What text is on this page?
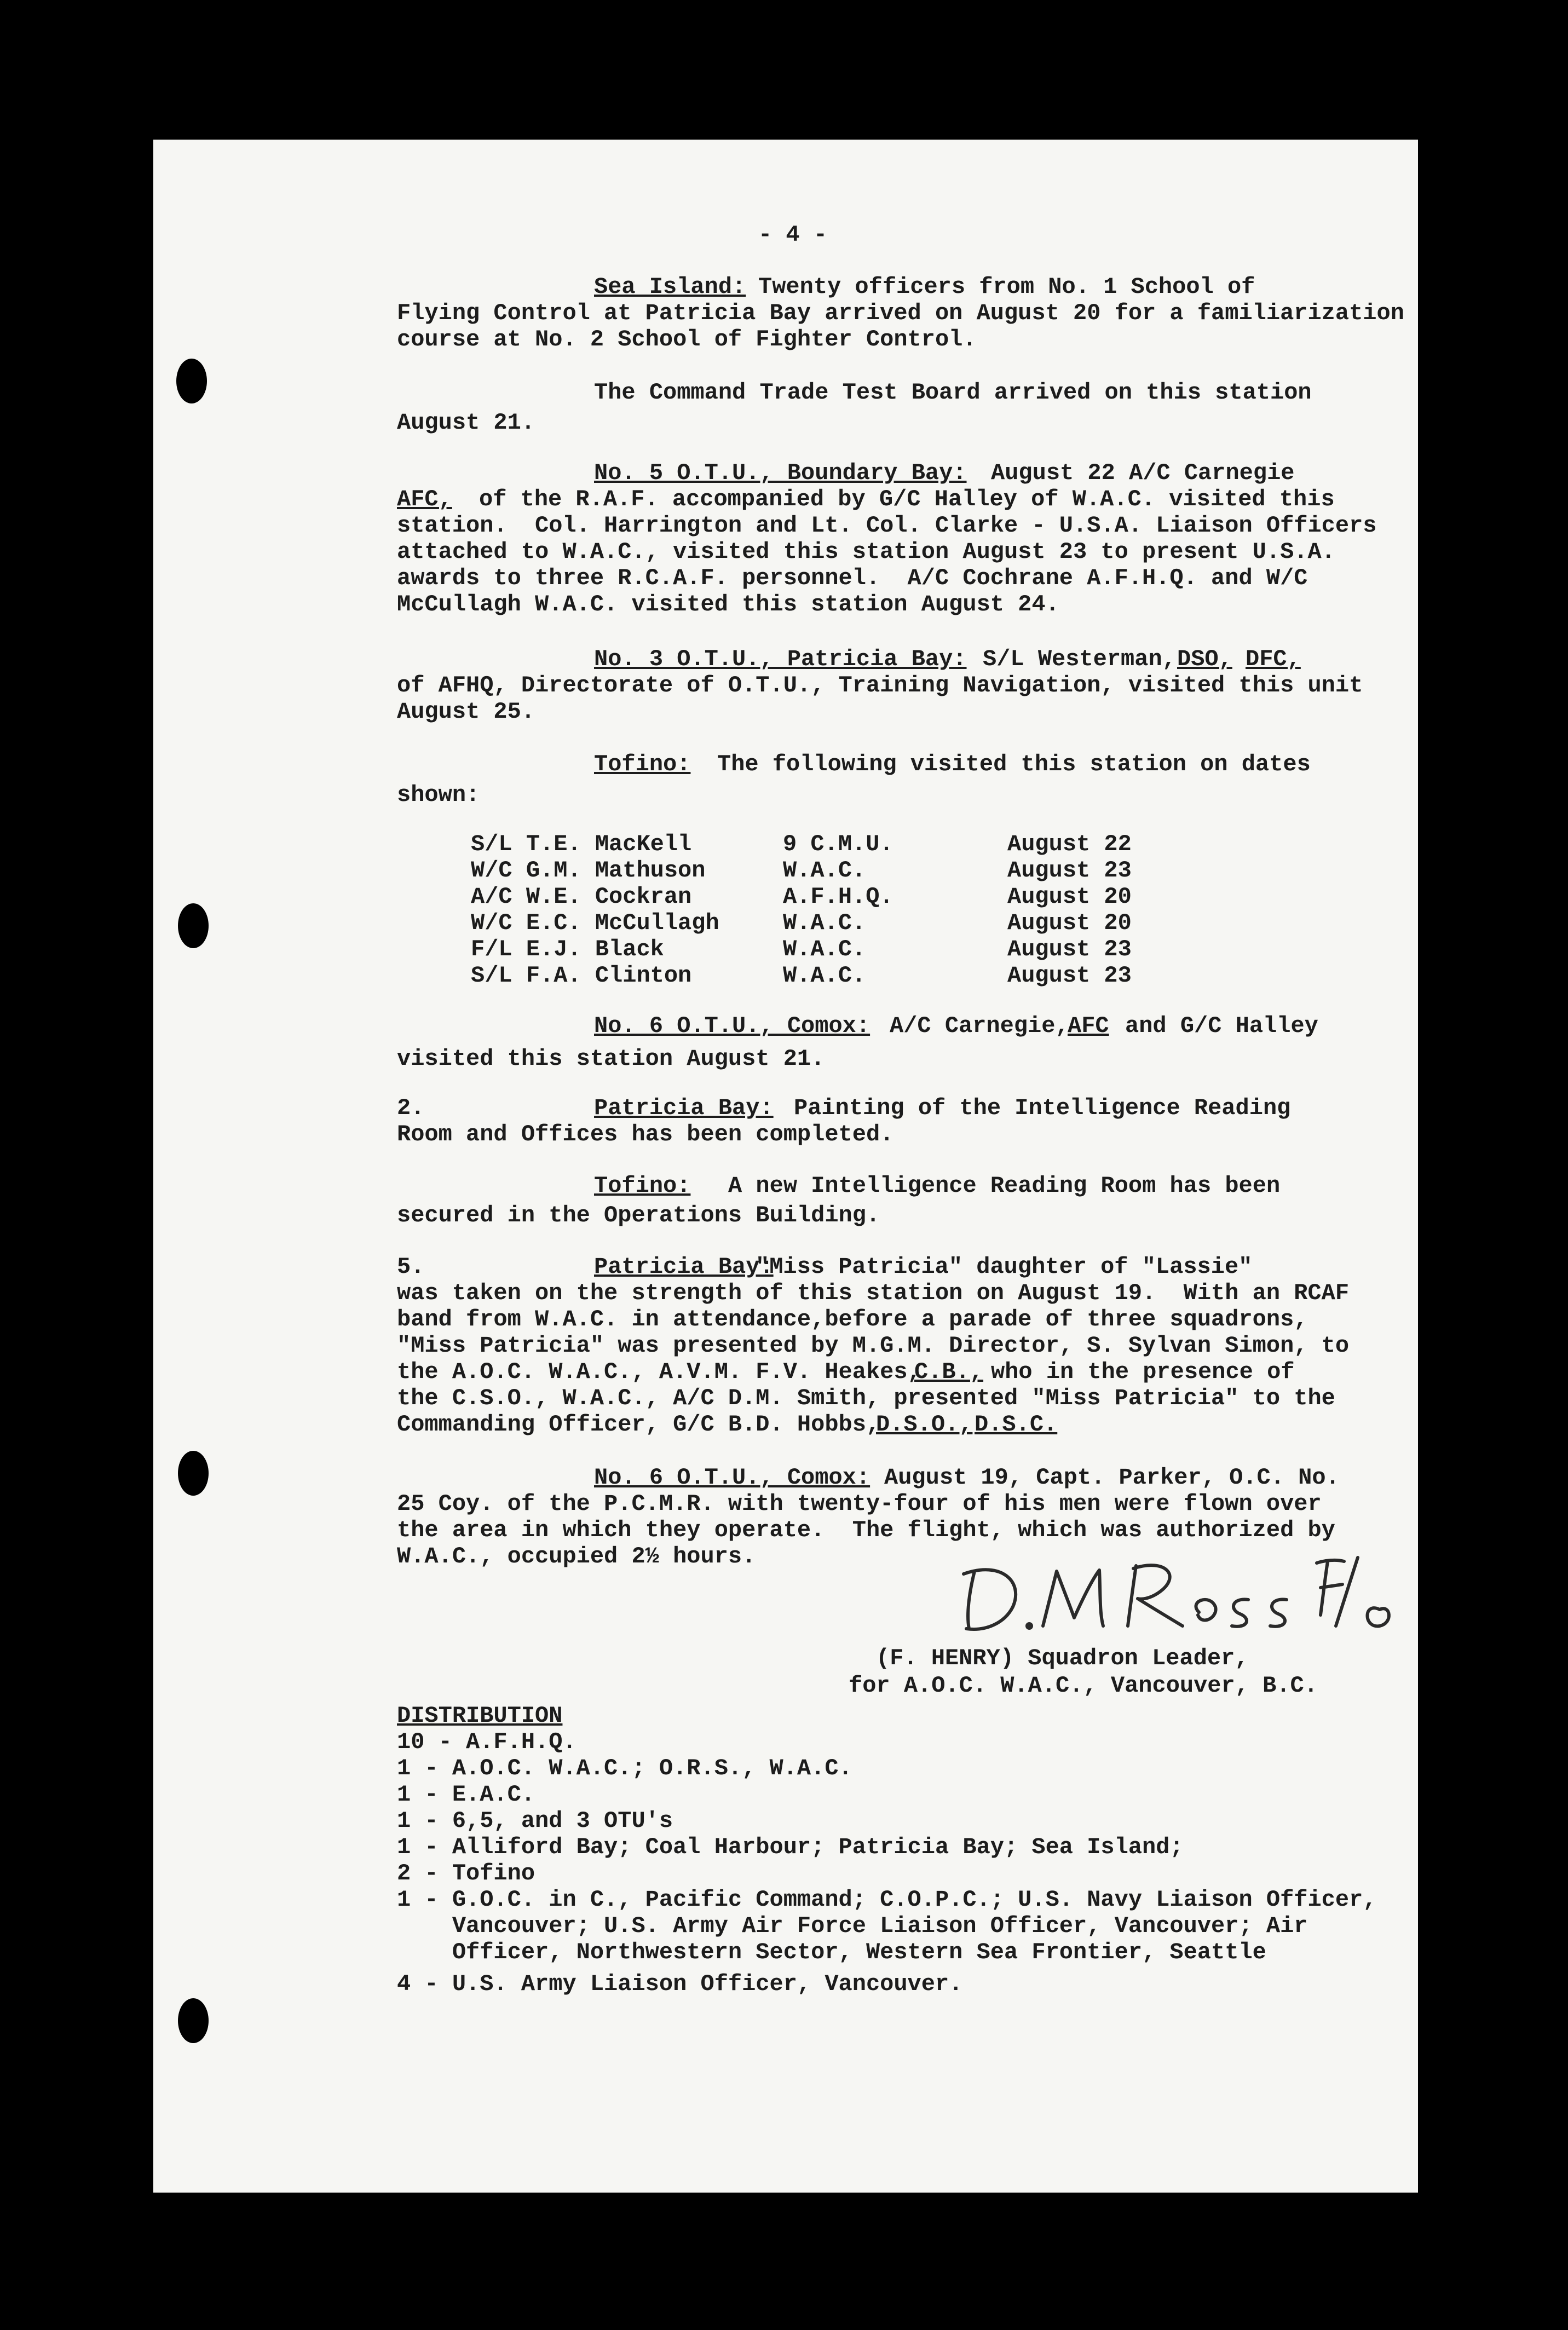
- 4 -
Sea Island: Twenty officers from No. 1 School of
Flying Control at Patricia Bay arrived on August 20 for a familiarization
course at No. 2 School of Fighter Control.
The Command Trade Test Board arrived on this station
August 21.
No. 5 O.T.U., Boundary Bay: August 22 A/C Carnegie
AFC, of the R.A.F. accompanied by G/C Halley of W.A.C. visited this
station.  Col. Harrington and Lt. Col. Clarke - U.S.A. Liaison Officers
attached to W.A.C., visited this station August 23 to present U.S.A.
awards to three R.C.A.F. personnel.  A/C Cochrane A.F.H.Q. and W/C
McCullagh W.A.C. visited this station August 24.
No. 3 O.T.U., Patricia Bay: S/L Westerman, DSO, DFC,
of AFHQ, Directorate of O.T.U., Training Navigation, visited this unit
August 25.
Tofino: The following visited this station on dates
shown:
S/L T.E. MacKell	9 C.M.U.	August 22
W/C G.M. Mathuson	W.A.C.	August 23
A/C W.E. Cockran	A.F.H.Q.	August 20
W/C E.C. McCullagh	W.A.C.	August 20
F/L E.J. Black	W.A.C.	August 23
S/L F.A. Clinton	W.A.C.	August 23
No. 6 O.T.U., Comox: A/C Carnegie,
AFC and G/C Halley
visited this station August 21.
2.	Patricia Bay: Painting of the Intelligence Reading
Room and Offices has been completed.
Tofino: A new Intelligence Reading Room has been
secured in the Operations Building.
5.	Patricia Bay:
"Miss Patricia" daughter of "Lassie"
was taken on the strength of this station on August 19.  With an RCAF
band from W.A.C. in attendance,before a parade of three squadrons,
"Miss Patricia" was presented by M.G.M. Director, S. Sylvan Simon, to
the A.O.C. W.A.C., A.V.M. F.V. Heakes,
C.B., who in the presence of
the C.S.O., W.A.C., A/C D.M. Smith, presented "Miss Patricia" to the
Commanding Officer, G/C B.D. Hobbs,
D.S.O., D.S.C.
No. 6 O.T.U., Comox: August 19, Capt. Parker, O.C. No.
25 Coy. of the P.C.M.R. with twenty-four of his men were flown over
the area in which they operate.  The flight, which was authorized by
W.A.C., occupied 2½ hours.
(F. HENRY) Squadron Leader,
for A.O.C. W.A.C., Vancouver, B.C.
DISTRIBUTION
10 - A.F.H.Q.
1 - A.O.C. W.A.C.; O.R.S., W.A.C.
1 - E.A.C.
1 - 6,5, and 3 OTU's
1 - Alliford Bay; Coal Harbour; Patricia Bay; Sea Island;
2 - Tofino
1 - G.O.C. in C., Pacific Command; C.O.P.C.; U.S. Navy Liaison Officer,
Vancouver; U.S. Army Air Force Liaison Officer, Vancouver; Air
Officer, Northwestern Sector, Western Sea Frontier, Seattle
4 - U.S. Army Liaison Officer, Vancouver.
